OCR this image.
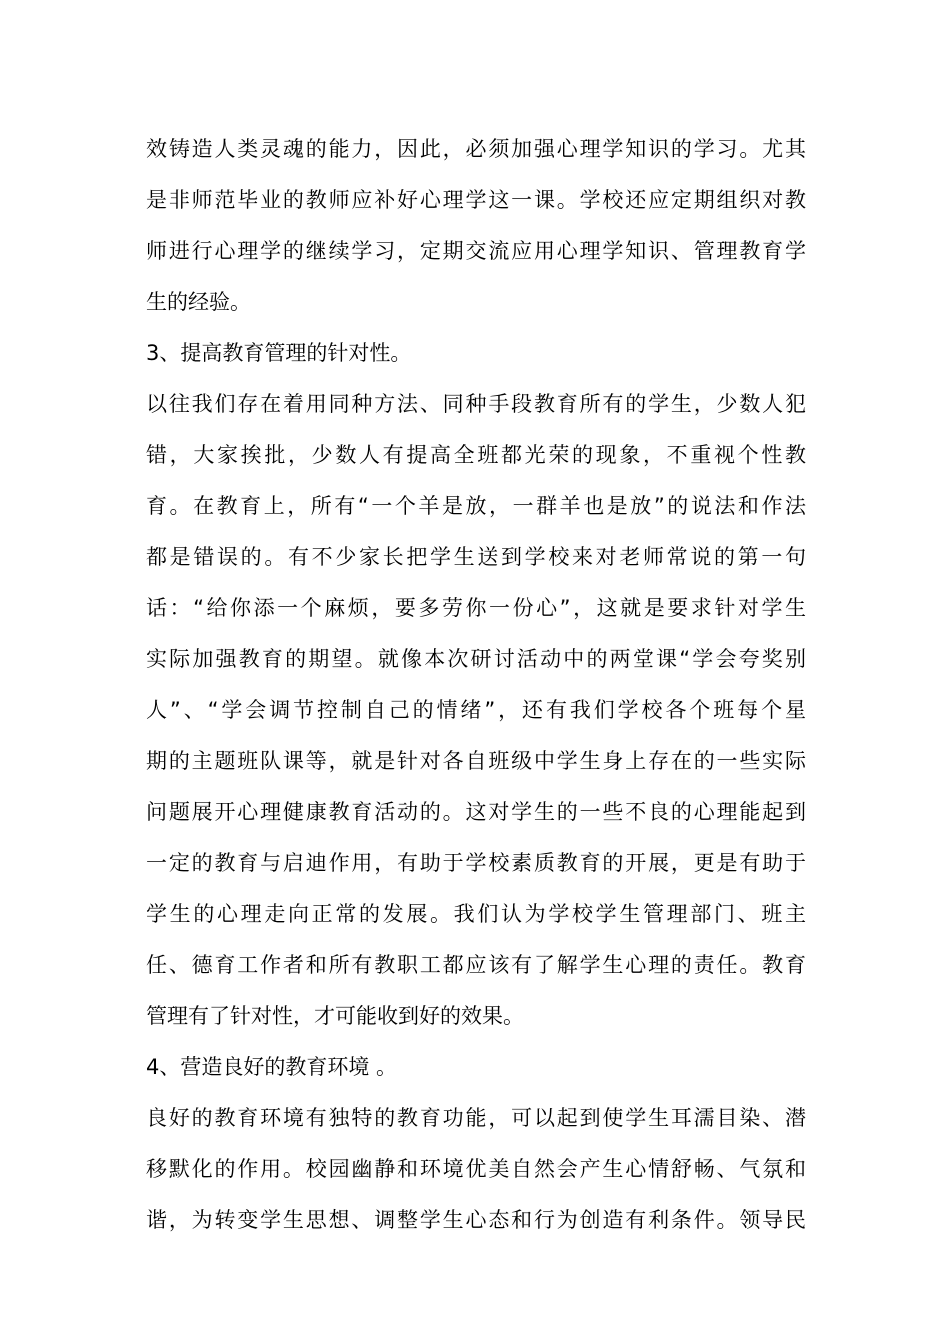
效铸造人类灵魂的能力，因此，必须加强心理学知识的学习。尤其
是非师范毕业的教师应补好心理学这一课。学校还应定期组织对教
师进行心理学的继续学习，定期交流应用心理学知识、管理教育学
生的经验。
3、提高教育管理的针对性。
以往我们存在着用同种方法、同种手段教育所有的学生，少数人犯
错，大家挨批，少数人有提高全班都光荣的现象，不重视个性教
育。在教育上，所有“一个羊是放，一群羊也是放”的说法和作法
都是错误的。有不少家长把学生送到学校来对老师常说的第一句
话：“给你添一个麻烦，要多劳你一份心”，这就是要求针对学生
实际加强教育的期望。就像本次研讨活动中的两堂课“学会夸奖别
人”、“学会调节控制自己的情绪”，还有我们学校各个班每个星
期的主题班队课等，就是针对各自班级中学生身上存在的一些实际
问题展开心理健康教育活动的。这对学生的一些不良的心理能起到
一定的教育与启迪作用，有助于学校素质教育的开展，更是有助于
学生的心理走向正常的发展。我们认为学校学生管理部门、班主
任、德育工作者和所有教职工都应该有了解学生心理的责任。教育
管理有了针对性，才可能收到好的效果。
4、营造良好的教育环境 。
良好的教育环境有独特的教育功能，可以起到使学生耳濡目染、潜
移默化的作用。校园幽静和环境优美自然会产生心情舒畅、气氛和
谐，为转变学生思想、调整学生心态和行为创造有利条件。领导民
